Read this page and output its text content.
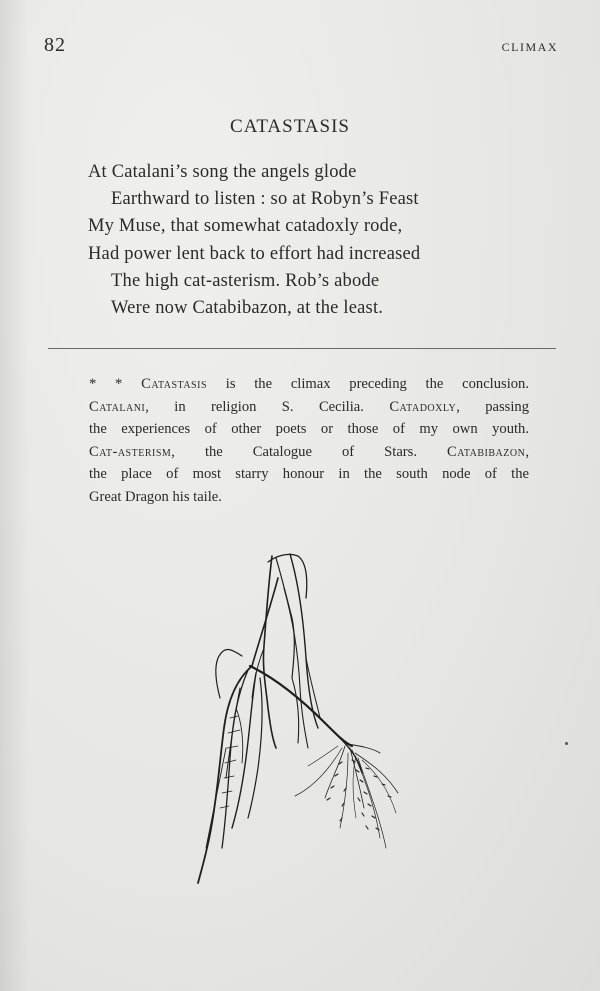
82	CLIMAX
CATASTASIS
At Catalani’s song the angels glode
Earthward to listen : so at Robyn’s Feast
My Muse, that somewhat catadoxly rode,
Had power lent back to effort had increased
The high cat-asterism. Rob’s abode
Were now Catabibazon, at the least.
* * Catastasis is the climax preceding the conclusion.
Catalani, in religion S. Cecilia. Catadoxly, passing
the experiences of other poets or those of my own youth.
Cat-asterism, the Catalogue of Stars. Catabibazon,
the place of most starry honour in the south node of the
Great Dragon his taile.
